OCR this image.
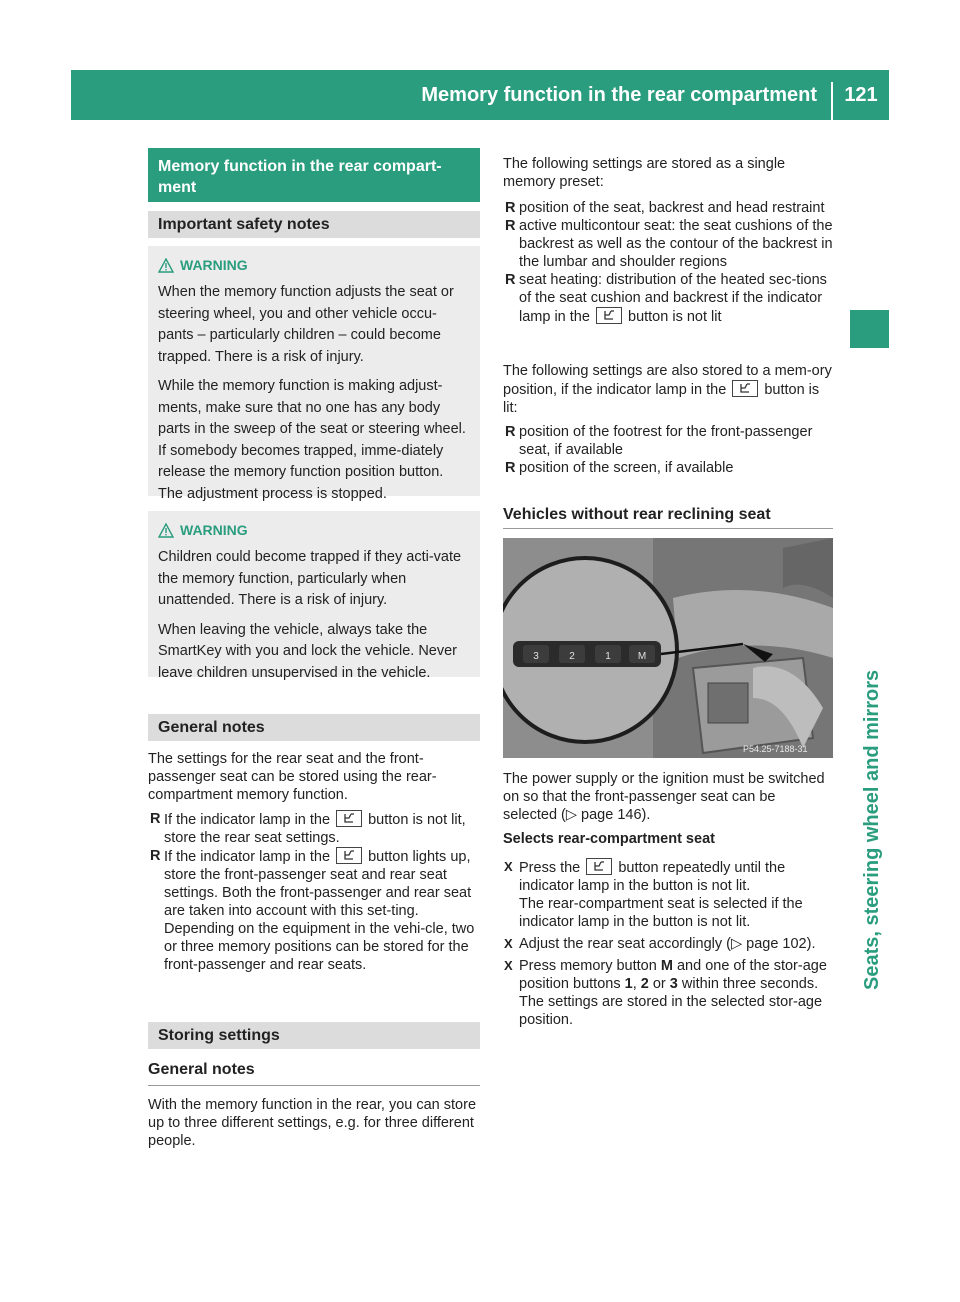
Memory function in the rear compartment	121
Seats, steering wheel and mirrors
Memory function in the rear compart-ment
Important safety notes
WARNING

When the memory function adjusts the seat or steering wheel, you and other vehicle occu-pants – particularly children – could become trapped. There is a risk of injury.

While the memory function is making adjust-ments, make sure that no one has any body parts in the sweep of the seat or steering wheel. If somebody becomes trapped, imme-diately release the memory function position button. The adjustment process is stopped.

WARNING

Children could become trapped if they acti-vate the memory function, particularly when unattended. There is a risk of injury.

When leaving the vehicle, always take the SmartKey with you and lock the vehicle. Never leave children unsupervised in the vehicle.

General notes
The settings for the rear seat and the front-passenger seat can be stored using the rear-compartment memory function.
R If the indicator lamp in the	button is not lit, store the rear seat settings.
R If the indicator lamp in the	button lights up, store the front-passenger seat and rear seat settings. Both the front-passenger and rear seat are taken into account with this set-ting. Depending on the equipment in the vehi-cle, two or three memory positions can be stored for the front-passenger and rear seats.
Storing settings
General notes
With the memory function in the rear, you can store up to three different settings, e.g. for three different people.
The following settings are stored as a single memory preset:
R position of the seat, backrest and head restraint
R active multicontour seat: the seat cushions of the backrest as well as the contour of the backrest in the lumbar and shoulder regions
R seat heating: distribution of the heated sec-tions of the seat cushion and backrest if the indicator lamp in the	button is not lit
The following settings are also stored to a mem-ory position, if the indicator lamp in the	button is lit:
R position of the footrest for the front-passenger seat, if available
R position of the screen, if available
Vehicles without rear reclining seat
3	2	1	M
P54.25-7188-31
The power supply or the ignition must be switched on so that the front-passenger seat can be selected (▷ page 146).
Selects rear-compartment seat
X Press the	button repeatedly until the indicator lamp in the button is not lit.
The rear-compartment seat is selected if the indicator lamp in the button is not lit.
X Adjust the rear seat accordingly (▷ page 102).
X Press memory button M and one of the stor-age position buttons 1, 2 or 3 within three seconds.
The settings are stored in the selected stor-age position.
